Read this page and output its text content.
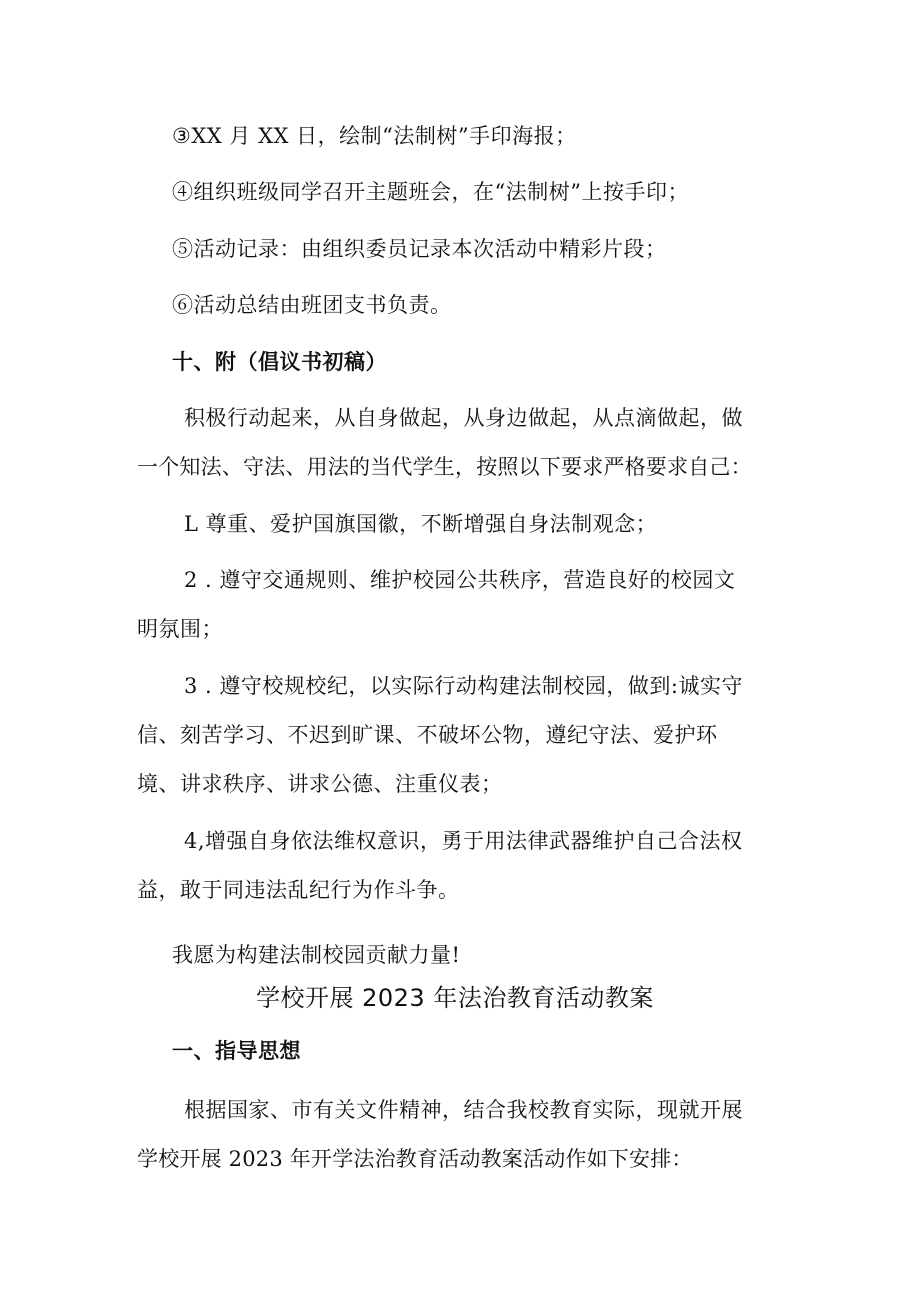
③XX 月 XX 日，绘制“法制树”手印海报；
④组织班级同学召开主题班会，在“法制树”上按手印；
⑤活动记录：由组织委员记录本次活动中精彩片段；
⑥活动总结由班团支书负责。
十、附（倡议书初稿）
积极行动起来，从自身做起，从身边做起，从点滴做起，做
一个知法、守法、用法的当代学生，按照以下要求严格要求自己：
L 尊重、爱护国旗国徽，不断增强自身法制观念；
2 . 遵守交通规则、维护校园公共秩序，营造良好的校园文
明氛围；
3 . 遵守校规校纪，以实际行动构建法制校园，做到:诚实守
信、刻苦学习、不迟到旷课、不破坏公物，遵纪守法、爱护环
境、讲求秩序、讲求公德、注重仪表；
4,增强自身依法维权意识，勇于用法律武器维护自己合法权
益，敢于同违法乱纪行为作斗争。
我愿为构建法制校园贡献力量!
学校开展 2023 年法治教育活动教案
一、指导思想
根据国家、市有关文件精神，结合我校教育实际，现就开展
学校开展 2023 年开学法治教育活动教案活动作如下安排：
